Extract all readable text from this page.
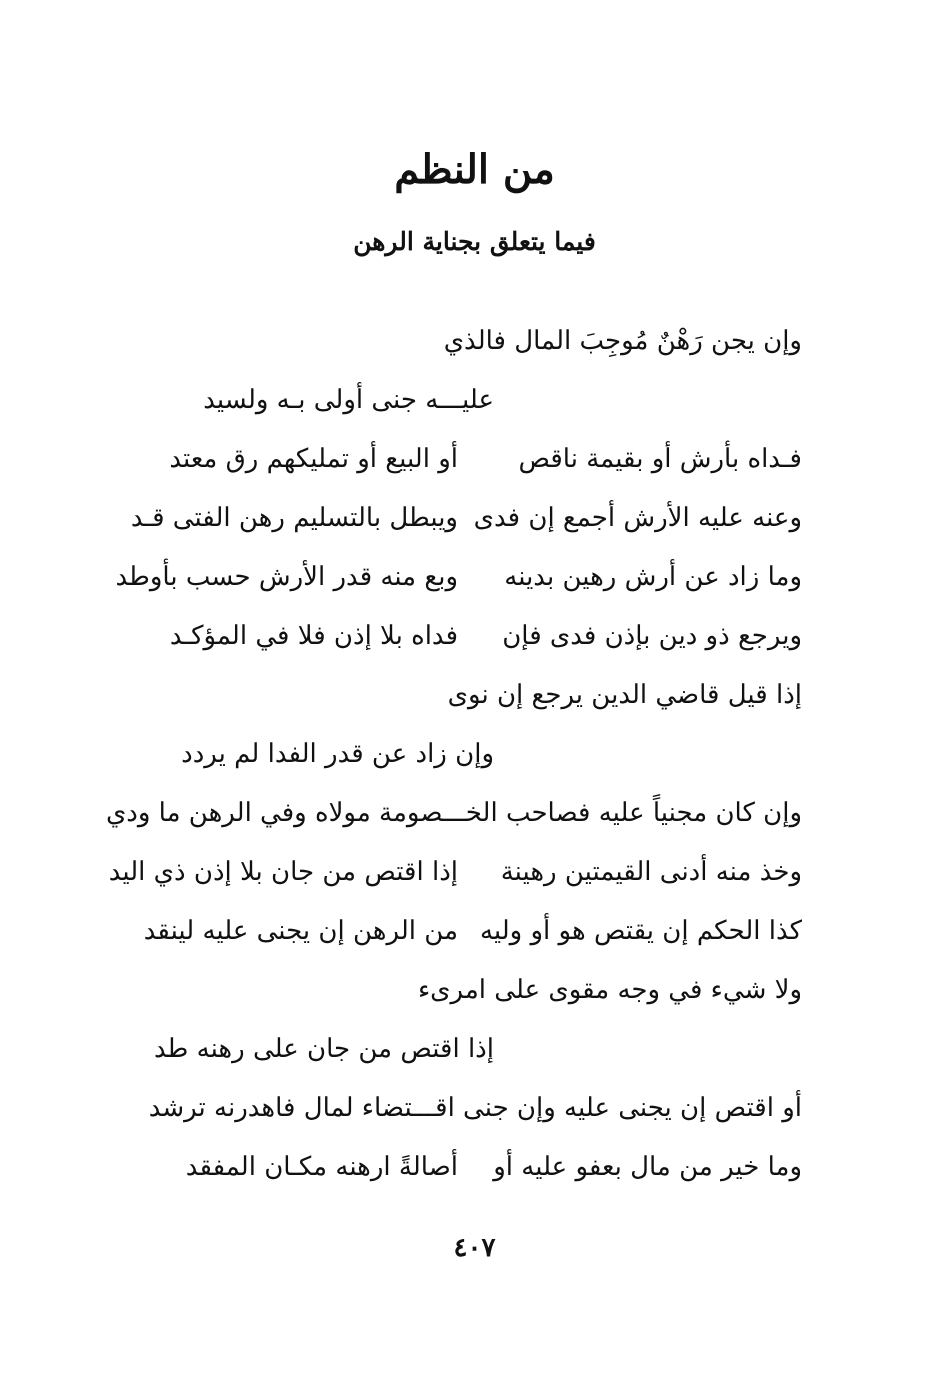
من النظم
فيما يتعلق بجناية الرهن
وإن يجن رَهْنٌ مُوجِبَ المال فالذي
عليـــه جنى أولى بـه ولسيد
فـداه بأرش أو بقيمة ناقص
أو البيع أو تمليكهم رق معتد
وعنه عليه الأرش أجمع إن فدى
ويبطل بالتسليم رهن الفتى قـد
وما زاد عن أرش رهين بدينه
وبع منه قدر الأرش حسب بأوطد
ويرجع ذو دين بإذن فدى فإن
فداه بلا إذن فلا في المؤكـد
إذا قيل قاضي الدين يرجع إن نوى
وإن زاد عن قدر الفدا لم يردد
وإن كان مجنياً عليه فصاحب الخـــصومة مولاه وفي الرهن ما ودي
وخذ منه أدنى القيمتين رهينة
إذا اقتص من جان بلا إذن ذي اليد
كذا الحكم إن يقتص هو أو وليه
من الرهن إن يجنى عليه لينقد
ولا شيء في وجه مقوى على امرىء
إذا اقتص من جان على رهنه طد
أو اقتص إن يجنى عليه وإن جنى اقـــتضاء لمال فاهدرنه ترشد
وما خير من مال بعفو عليه أو
أصالةً ارهنه مكـان المفقد
٤٠٧
